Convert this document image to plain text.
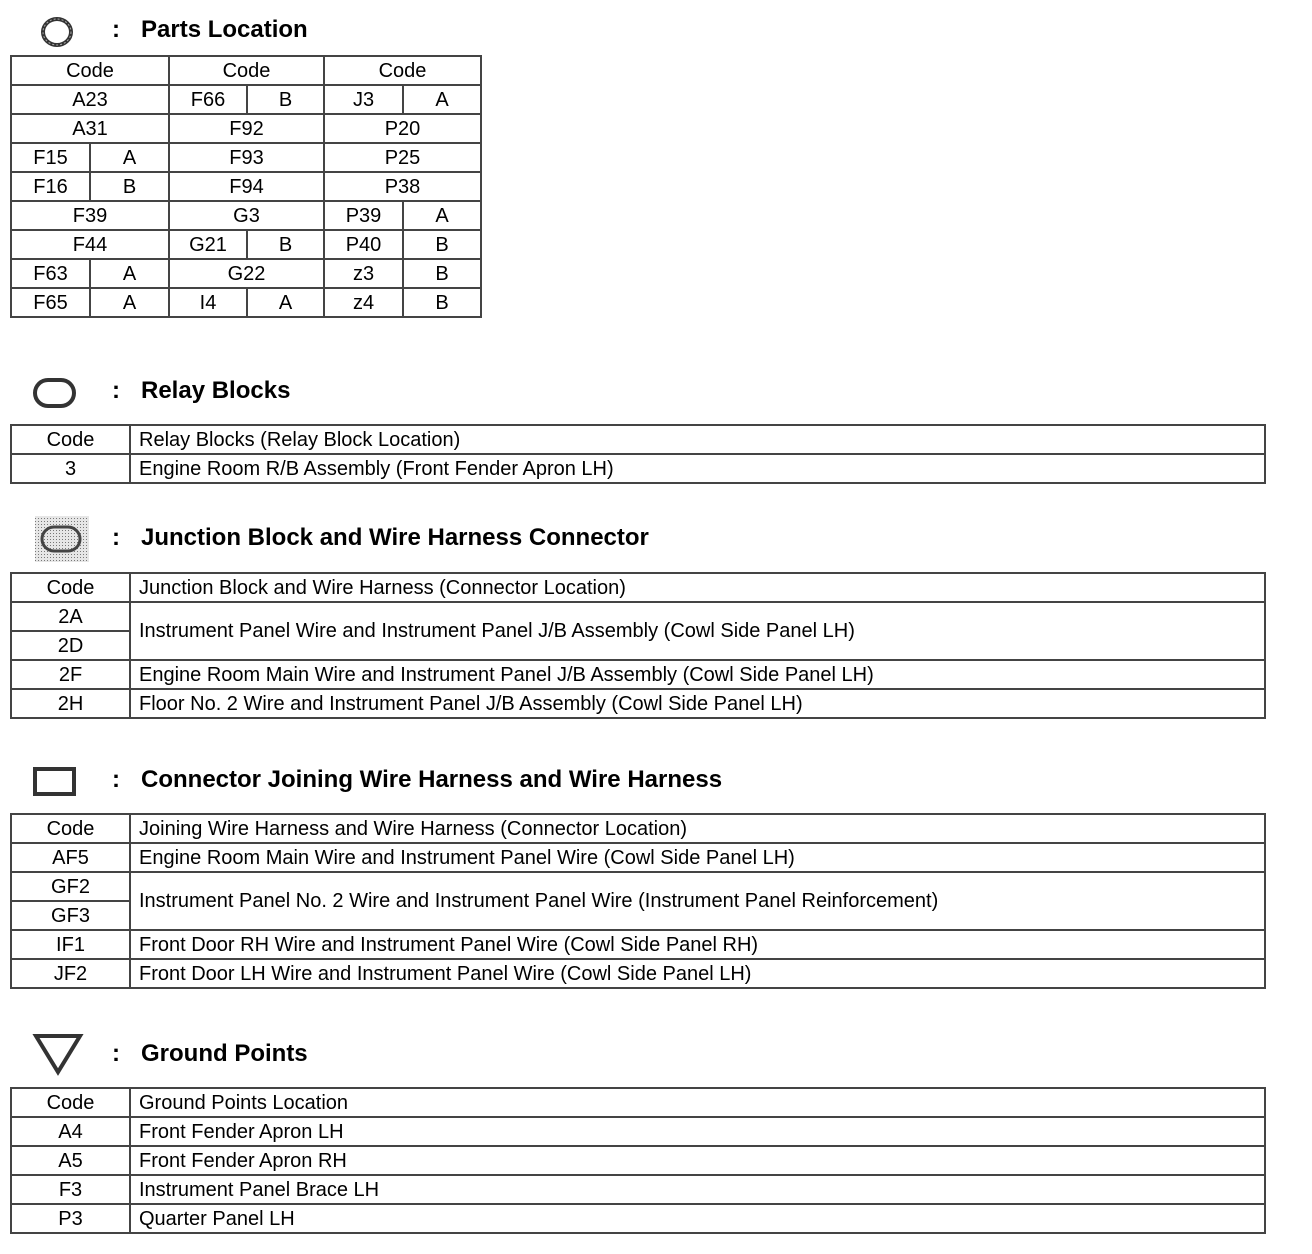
: Parts Location
Code		Code		Code	
A23		F66	B	J3	A
A31		F92		P20	
F15	A	F93		P25	
F16	B	F94		P38	
F39		G3		P39	A
F44		G21	B	P40	B
F63	A	G22		z3	B
F65	A	I4	A	z4	B
: Relay Blocks
Code	Relay Blocks (Relay Block Location)
3	Engine Room R/B Assembly (Front Fender Apron LH)
: Junction Block and Wire Harness Connector
Code	Junction Block and Wire Harness (Connector Location)
2A	Instrument Panel Wire and Instrument Panel J/B Assembly (Cowl Side Panel LH)
2D	
2F	Engine Room Main Wire and Instrument Panel J/B Assembly (Cowl Side Panel LH)
2H	Floor No. 2 Wire and Instrument Panel J/B Assembly (Cowl Side Panel LH)
: Connector Joining Wire Harness and Wire Harness
Code	Joining Wire Harness and Wire Harness (Connector Location)
AF5	Engine Room Main Wire and Instrument Panel Wire (Cowl Side Panel LH)
GF2	Instrument Panel No. 2 Wire and Instrument Panel Wire (Instrument Panel Reinforcement)
GF3	
IF1	Front Door RH Wire and Instrument Panel Wire (Cowl Side Panel RH)
JF2	Front Door LH Wire and Instrument Panel Wire (Cowl Side Panel LH)
: Ground Points
Code	Ground Points Location
A4	Front Fender Apron LH
A5	Front Fender Apron RH
F3	Instrument Panel Brace LH
P3	Quarter Panel LH
